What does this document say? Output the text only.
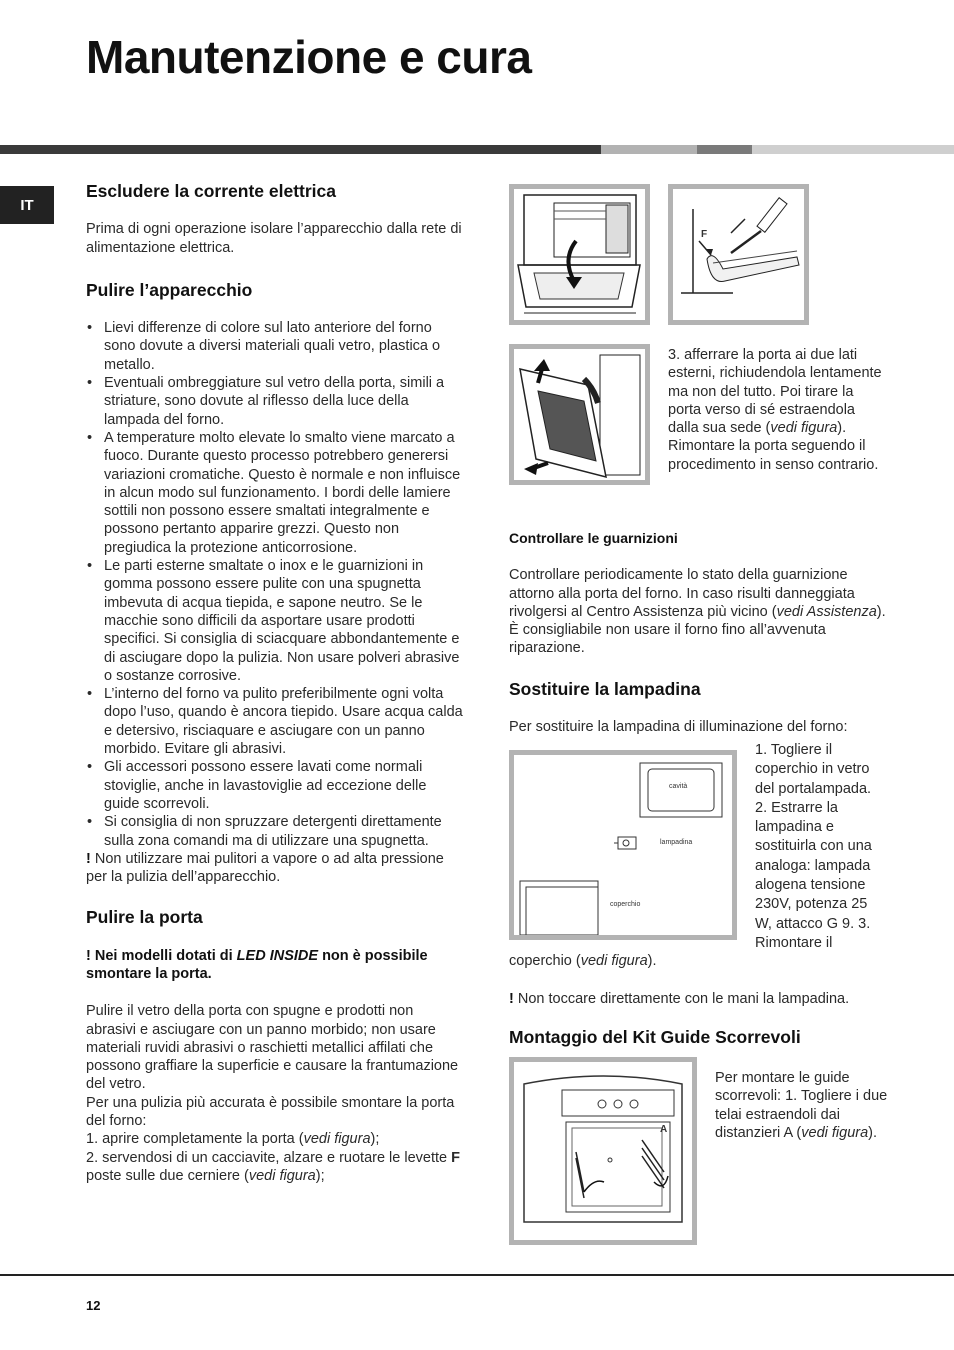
Manutenzione e cura
IT
Escludere la corrente elettrica

Prima di ogni operazione isolare l’apparecchio dalla rete di alimentazione elettrica.

Pulire l’apparecchio
• Lievi differenze di colore sul lato anteriore del forno sono dovute a diversi materiali quali vetro, plastica o metallo.
• Eventuali ombreggiature sul vetro della porta, simili a striature, sono dovute al riflesso della luce della lampada del forno.
• A temperature molto elevate lo smalto viene marcato a fuoco. Durante questo processo potrebbero generersi variazioni cromatiche. Questo è normale e non influisce in alcun modo sul funzionamento. I bordi delle lamiere sottili non possono essere smaltati integralmente e possono pertanto apparire grezzi. Questo non pregiudica la protezione anticorrosione.
• Le parti esterne smaltate o inox e le guarnizioni in gomma possono essere pulite con una spugnetta imbevuta di acqua tiepida, e sapone neutro. Se le macchie sono difficili da asportare usare prodotti specifici. Si consiglia di sciacquare abbondantemente e di asciugare dopo la pulizia. Non usare polveri abrasive o sostanze corrosive.
• L’interno del forno va pulito preferibilmente ogni volta dopo l’uso, quando è ancora tiepido. Usare acqua calda e detersivo, risciaquare e asciugare con un panno morbido. Evitare gli abrasivi.
• Gli accessori possono essere lavati come normali stoviglie, anche in lavastoviglie ad eccezione delle guide scorrevoli.
• Si consiglia di non spruzzare detergenti direttamente sulla zona comandi ma di utilizzare una spugnetta.

! Non utilizzare mai pulitori a vapore o ad alta pressione per la pulizia dell’apparecchio.

Pulire la porta

! Nei modelli dotati di LED INSIDE non è possibile smontare la porta.

Pulire il vetro della porta con spugne e prodotti non abrasivi e asciugare con un panno morbido; non usare materiali ruvidi abrasivi o raschietti metallici affilati che possono graffiare la superficie e causare la frantumazione del vetro.

Per una pulizia più accurata è possibile smontare la porta del forno:

1. aprire completamente la porta (vedi figura);

2. servendosi di un cacciavite, alzare e ruotare le levette F poste sulle due cerniere (vedi figura);

F

3. afferrare la porta ai due lati esterni, richiudendola lentamente ma non del tutto. Poi tirare la porta verso di sé estraendola dalla sua sede (vedi figura). Rimontare la porta seguendo il procedimento in senso contrario.

Controllare le guarnizioni

Controllare periodicamente lo stato della guarnizione attorno alla porta del forno. In caso risulti danneggiata rivolgersi al Centro Assistenza più vicino (vedi Assistenza). È consigliabile non usare il forno fino all’avvenuta riparazione.

Sostituire la lampadina

Per sostituire la lampadina di illuminazione del forno:

cavità
lampadina
coperchio

1. Togliere il coperchio in vetro del portalampada. 2. Estrarre la lampadina e sostituirla con una analoga: lampada alogena tensione 230V, potenza 25 W, attacco G 9. 3. Rimontare il

coperchio (vedi figura).

! Non toccare direttamente con le mani la lampadina.

Montaggio del Kit Guide Scorrevoli
A

Per montare le guide scorrevoli: 1. Togliere i due telai estraendoli dai distanzieri A (vedi figura).

12
